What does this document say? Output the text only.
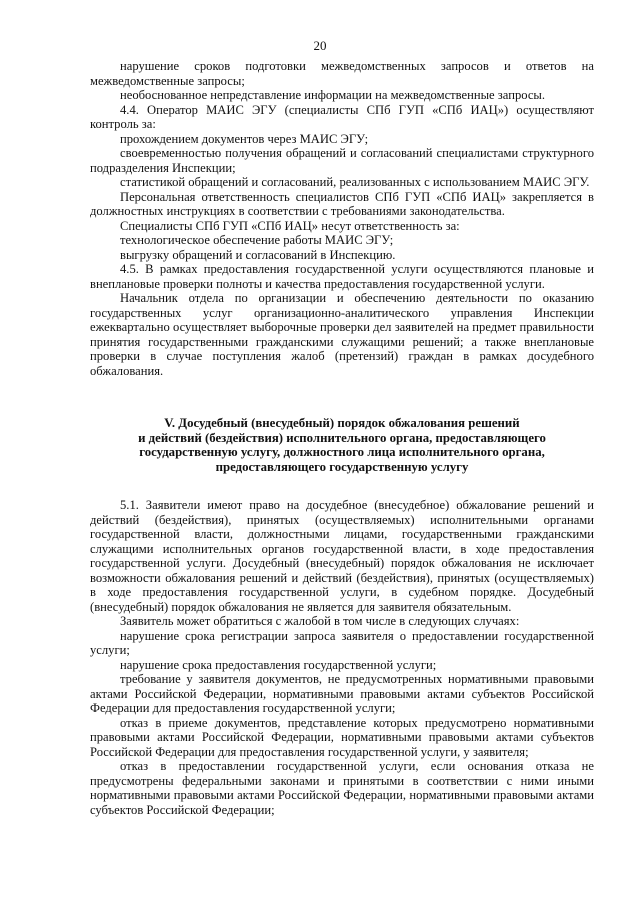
20

нарушение сроков подготовки межведомственных запросов и ответов на межведомственные запросы;

необоснованное непредставление информации на межведомственные запросы.

4.4. Оператор МАИС ЭГУ (специалисты СПб ГУП «СПб ИАЦ») осуществляют контроль за:

прохождением документов через МАИС ЭГУ;

своевременностью получения обращений и согласований специалистами структурного подразделения Инспекции;

статистикой обращений и согласований, реализованных с использованием МАИС ЭГУ.

Персональная ответственность специалистов СПб ГУП «СПб ИАЦ» закрепляется в должностных инструкциях в соответствии с требованиями законодательства.

Специалисты СПб ГУП «СПб ИАЦ» несут ответственность за:

технологическое обеспечение работы МАИС ЭГУ;

выгрузку обращений и согласований в Инспекцию.

4.5. В рамках предоставления государственной услуги осуществляются плановые и внеплановые проверки полноты и качества предоставления государственной услуги.

Начальник отдела по организации и обеспечению деятельности по оказанию государственных услуг организационно-аналитического управления Инспекции ежеквартально осуществляет выборочные проверки дел заявителей на предмет правильности принятия государственными гражданскими служащими решений; а также внеплановые проверки в случае поступления жалоб (претензий) граждан в рамках досудебного обжалования.

V. Досудебный (внесудебный) порядок обжалования решений
и действий (бездействия) исполнительного органа, предоставляющего
государственную услугу, должностного лица исполнительного органа,
предоставляющего государственную услугу

5.1. Заявители имеют право на досудебное (внесудебное) обжалование решений и действий (бездействия), принятых (осуществляемых) исполнительными органами государственной власти, должностными лицами, государственными гражданскими служащими исполнительных органов государственной власти, в ходе предоставления государственной услуги. Досудебный (внесудебный) порядок обжалования не исключает возможности обжалования решений и действий (бездействия), принятых (осуществляемых) в ходе предоставления государственной услуги, в судебном порядке. Досудебный (внесудебный) порядок обжалования не является для заявителя обязательным.

Заявитель может обратиться с жалобой в том числе в следующих случаях:

нарушение срока регистрации запроса заявителя о предоставлении государственной услуги;

нарушение срока предоставления государственной услуги;

требование у заявителя документов, не предусмотренных нормативными правовыми актами Российской Федерации, нормативными правовыми актами субъектов Российской Федерации для предоставления государственной услуги;

отказ в приеме документов, представление которых предусмотрено нормативными правовыми актами Российской Федерации, нормативными правовыми актами субъектов Российской Федерации для предоставления государственной услуги, у заявителя;

отказ в предоставлении государственной услуги, если основания отказа не предусмотрены федеральными законами и принятыми в соответствии с ними иными нормативными правовыми актами Российской Федерации, нормативными правовыми актами субъектов Российской Федерации;
